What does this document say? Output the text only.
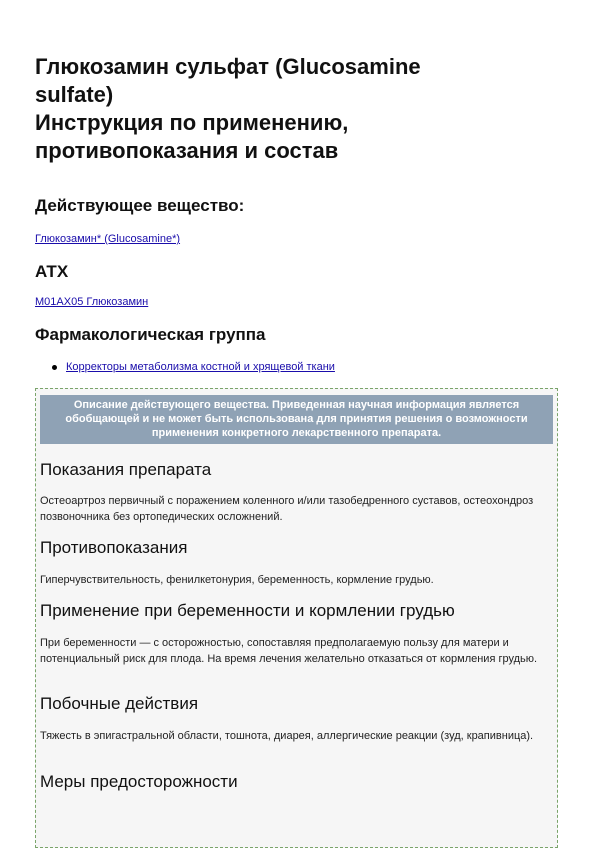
Глюкозамин сульфат (Glucosamine
sulfate)
Инструкция по применению,
противопоказания и состав
Действующее вещество:
Глюкозамин* (Glucosamine*)
АТХ
M01AX05 Глюкозамин
Фармакологическая группа
Корректоры метаболизма костной и хрящевой ткани
Описание действующего вещества. Приведенная научная информация является обобщающей и не может быть использована для принятия решения о возможности применения конкретного лекарственного препарата.
Показания препарата
Остеоартроз первичный с поражением коленного и/или тазобедренного суставов, остеохондроз позвоночника без ортопедических осложнений.
Противопоказания
Гиперчувствительность, фенилкетонурия, беременность, кормление грудью.
Применение при беременности и кормлении грудью
При беременности — с осторожностью, сопоставляя предполагаемую пользу для матери и потенциальный риск для плода. На время лечения желательно отказаться от кормления грудью.
Побочные действия
Тяжесть в эпигастральной области, тошнота, диарея, аллергические реакции (зуд, крапивница).
Меры предосторожности
